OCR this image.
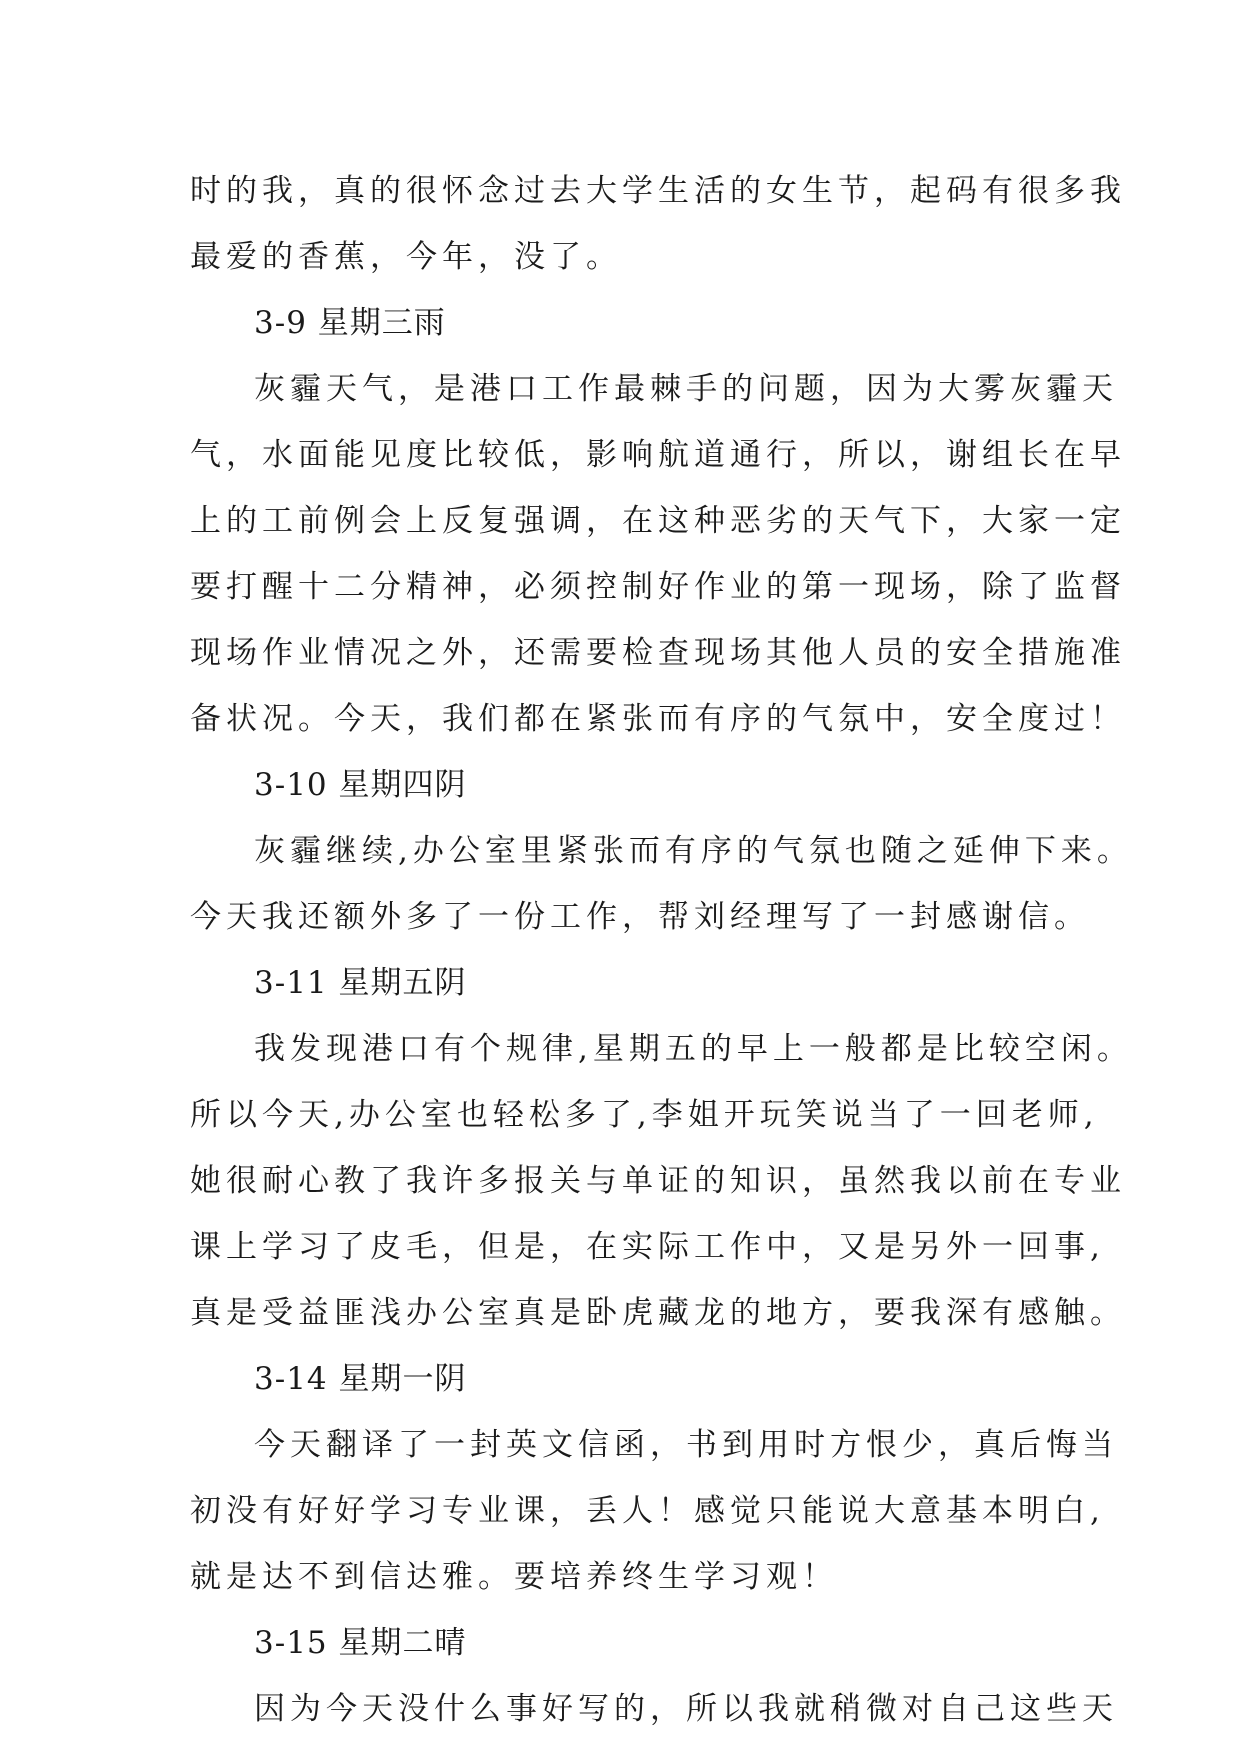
时的我，真的很怀念过去大学生活的女生节，起码有很多我
最爱的香蕉，今年，没了。
3-9 星期三雨
灰霾天气，是港口工作最棘手的问题，因为大雾灰霾天
气，水面能见度比较低，影响航道通行，所以，谢组长在早
上的工前例会上反复强调，在这种恶劣的天气下，大家一定
要打醒十二分精神，必须控制好作业的第一现场，除了监督
现场作业情况之外，还需要检查现场其他人员的安全措施准
备状况。今天，我们都在紧张而有序的气氛中，安全度过！
3-10 星期四阴
灰霾继续,办公室里紧张而有序的气氛也随之延伸下来。
今天我还额外多了一份工作，帮刘经理写了一封感谢信。
3-11 星期五阴
我发现港口有个规律,星期五的早上一般都是比较空闲。
所以今天,办公室也轻松多了,李姐开玩笑说当了一回老师,
她很耐心教了我许多报关与单证的知识，虽然我以前在专业
课上学习了皮毛，但是，在实际工作中，又是另外一回事,
真是受益匪浅办公室真是卧虎藏龙的地方，要我深有感触。
3-14 星期一阴
今天翻译了一封英文信函，书到用时方恨少，真后悔当
初没有好好学习专业课，丢人！感觉只能说大意基本明白,
就是达不到信达雅。要培养终生学习观！
3-15 星期二晴
因为今天没什么事好写的，所以我就稍微对自己这些天
